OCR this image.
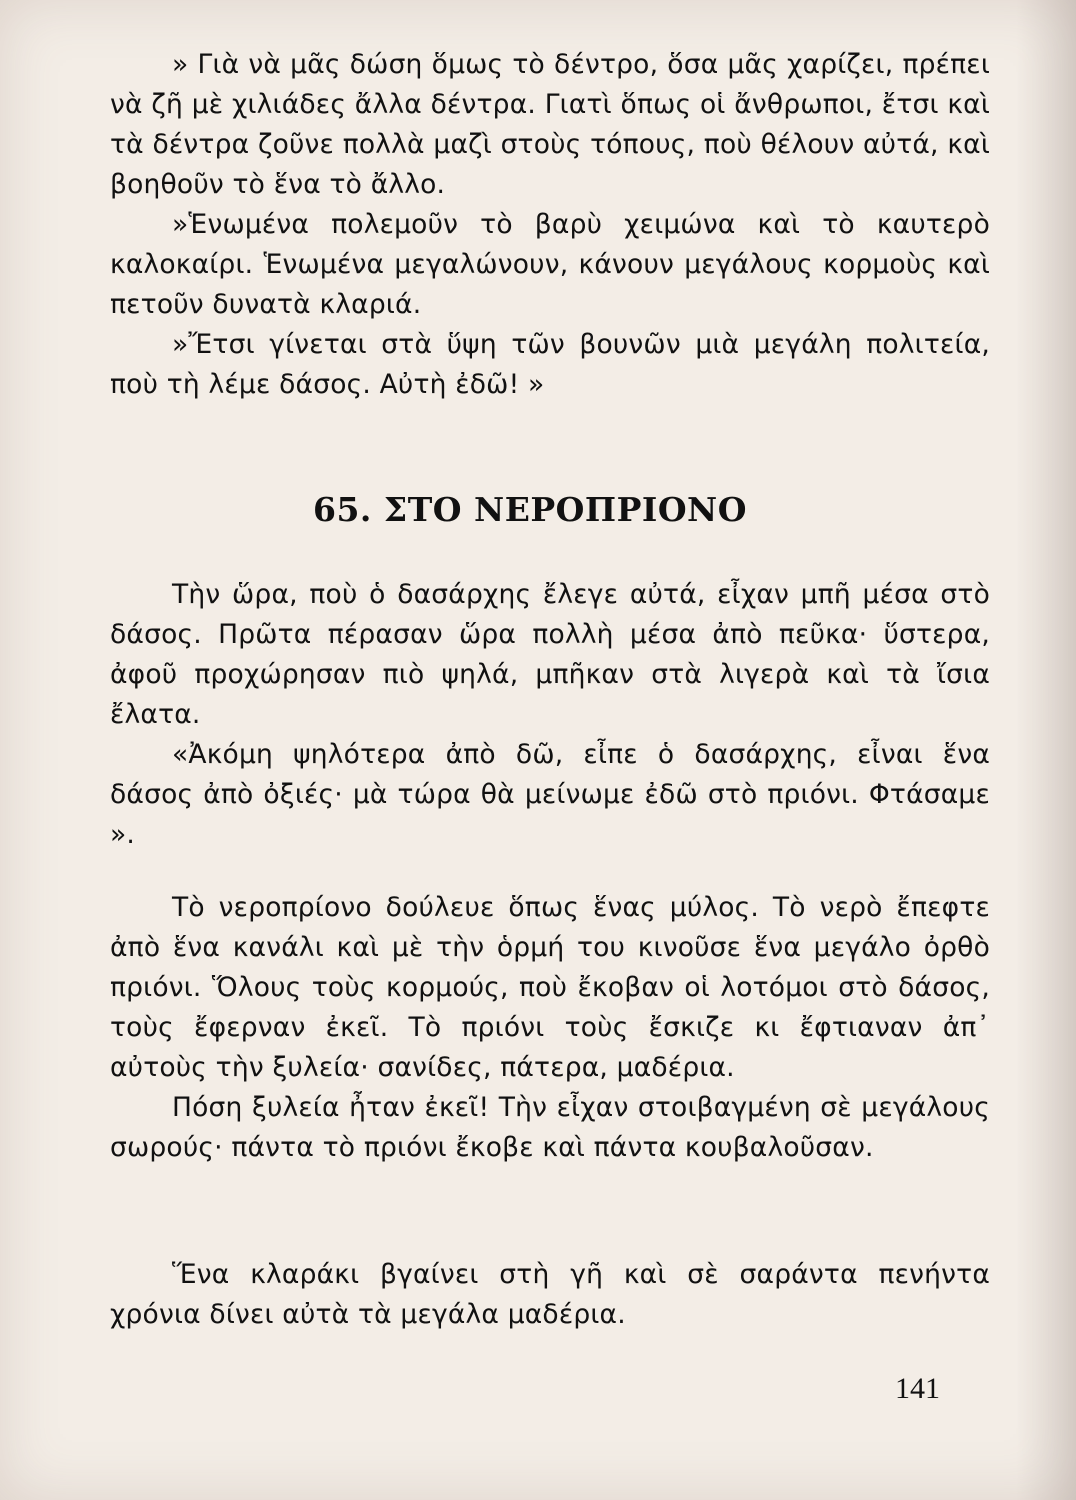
» Γιὰ νὰ μᾶς δώση ὅμως τὸ δέντρο, ὅσα μᾶς χαρίζει, πρέπει νὰ ζῆ μὲ χιλιάδες ἄλλα δέντρα. Γιατὶ ὅπως οἱ ἄνθρωποι, ἔτσι καὶ τὰ δέντρα ζοῦνε πολλὰ μαζὶ στοὺς τόπους, ποὺ θέλουν αὐτά, καὶ βοηθοῦν τὸ ἕνα τὸ ἄλλο.

»Ἑνωμένα πολεμοῦν τὸ βαρὺ χειμώνα καὶ τὸ καυτερὸ καλοκαίρι. Ἑνωμένα μεγαλώνουν, κάνουν μεγάλους κορμοὺς καὶ πετοῦν δυνατὰ κλαριά.

»Ἔτσι γίνεται στὰ ὕψη τῶν βουνῶν μιὰ μεγάλη πολιτεία, ποὺ τὴ λέμε δάσος. Αὐτὴ ἐδῶ! »

65. ΣΤΟ ΝΕΡΟΠΡΙΟΝΟ

Τὴν ὥρα, ποὺ ὁ δασάρχης ἔλεγε αὐτά, εἶχαν μπῆ μέσα στὸ δάσος. Πρῶτα πέρασαν ὥρα πολλὴ μέσα ἀπὸ πεῦκα· ὕστερα, ἀφοῦ προχώρησαν πιὸ ψηλά, μπῆκαν στὰ λιγερὰ καὶ τὰ ἴσια ἔλατα.

«Ἀκόμη ψηλότερα ἀπὸ δῶ, εἶπε ὁ δασάρχης, εἶναι ἕνα δάσος ἀπὸ ὀξιές· μὰ τώρα θὰ μείνωμε ἐδῶ στὸ πριόνι. Φτάσαμε ».

Τὸ νεροπρίονο δούλευε ὅπως ἕνας μύλος. Τὸ νερὸ ἔπεφτε ἀπὸ ἕνα κανάλι καὶ μὲ τὴν ὁρμή του κινοῦσε ἕνα μεγάλο ὀρθὸ πριόνι. Ὅλους τοὺς κορμούς, ποὺ ἔκοβαν οἱ λοτόμοι στὸ δάσος, τοὺς ἔφερναν ἐκεῖ. Τὸ πριόνι τοὺς ἔσκιζε κι ἔφτιαναν ἀπ᾿ αὐτοὺς τὴν ξυλεία· σανίδες, πάτερα, μαδέρια.

Πόση ξυλεία ἦταν ἐκεῖ! Τὴν εἶχαν στοιβαγμένη σὲ μεγάλους σωρούς· πάντα τὸ πριόνι ἔκοβε καὶ πάντα κουβαλοῦσαν.

Ἕνα κλαράκι βγαίνει στὴ γῆ καὶ σὲ σαράντα πενήντα χρόνια δίνει αὐτὰ τὰ μεγάλα μαδέρια.

141
